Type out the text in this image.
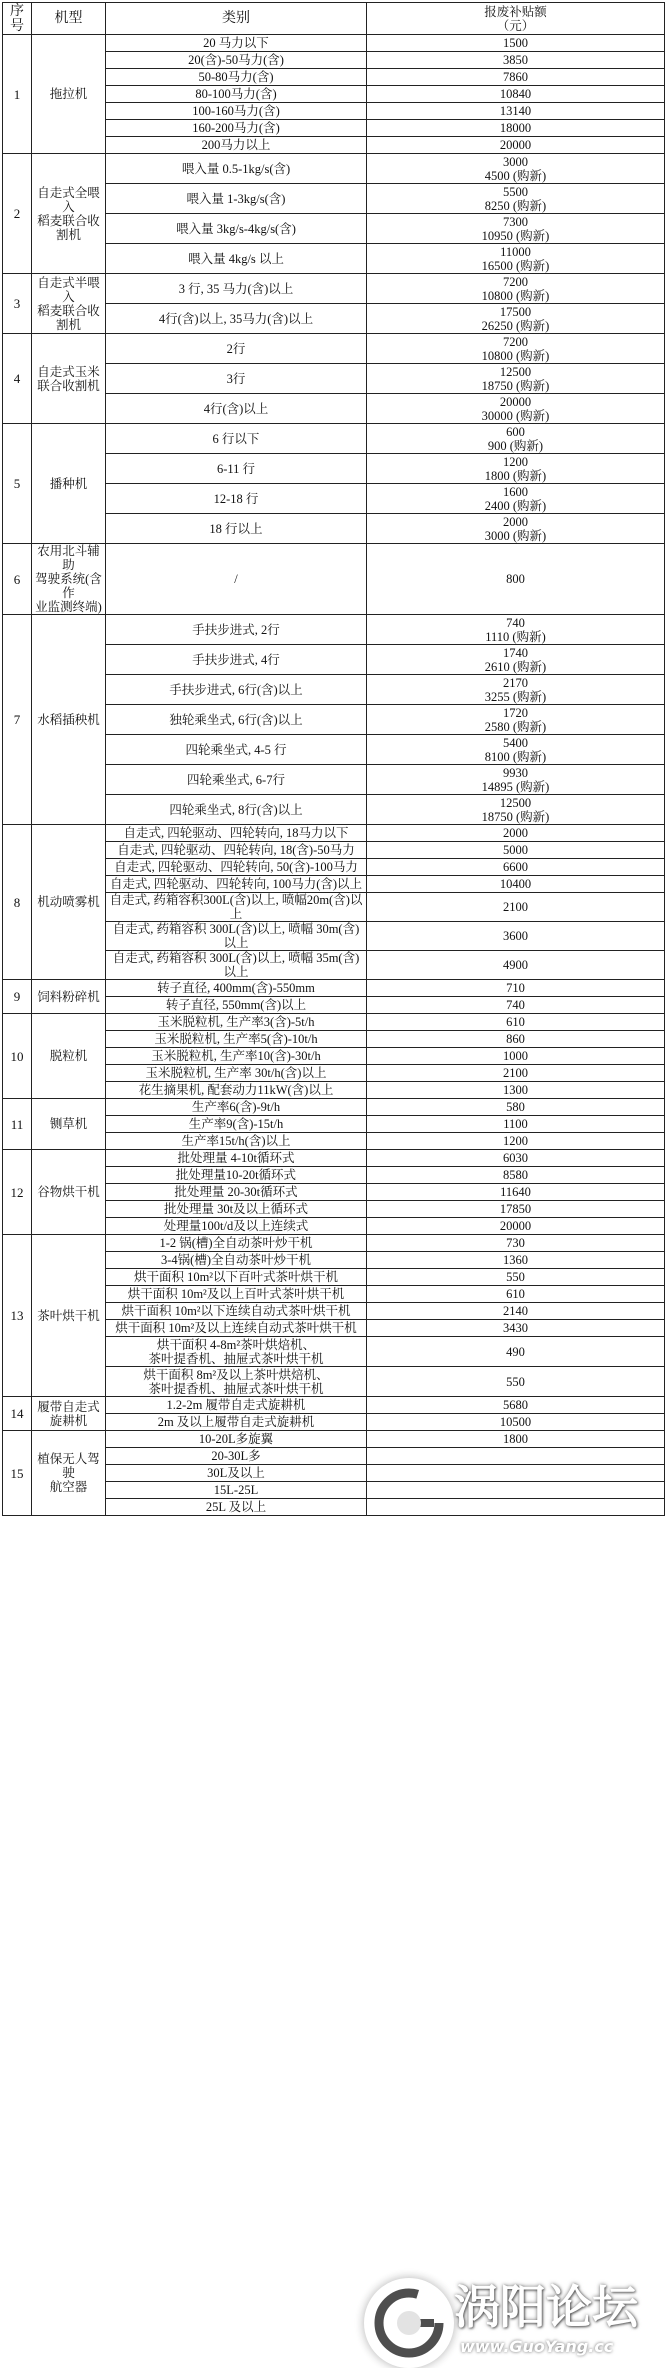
序号	机型	类别	报废补贴额
（元）
1	拖拉机	20 马力以下	1500
		20(含)-50马力(含)	3850
		50-80马力(含)	7860
		80-100马力(含)	10840
		100-160马力(含)	13140
		160-200马力(含)	18000
		200马力以上	20000
2	自走式全喂入
稻麦联合收割机	喂入量 0.5-1kg/s(含)	3000
4500 (购新)
		喂入量 1-3kg/s(含)	5500
8250 (购新)
		喂入量 3kg/s-4kg/s(含)	7300
10950 (购新)
		喂入量 4kg/s 以上	11000
16500 (购新)
3	自走式半喂入
稻麦联合收割机	3 行, 35 马力(含)以上	7200
10800 (购新)
		4行(含)以上, 35马力(含)以上	17500
26250 (购新)
4	自走式玉米
联合收割机	2行	7200
10800 (购新)
		3行	12500
18750 (购新)
		4行(含)以上	20000
30000 (购新)
5	播种机	6 行以下	600
900 (购新)
		6-11 行	1200
1800 (购新)
		12-18 行	1600
2400 (购新)
		18 行以上	2000
3000 (购新)
6	农用北斗辅助
驾驶系统(含作
业监测终端)	/	800
7	水稻插秧机	手扶步进式, 2行	740
1110 (购新)
		手扶步进式, 4行	1740
2610 (购新)
		手扶步进式, 6行(含)以上	2170
3255 (购新)
		独轮乘坐式, 6行(含)以上	1720
2580 (购新)
		四轮乘坐式, 4-5 行	5400
8100 (购新)
		四轮乘坐式, 6-7行	9930
14895 (购新)
		四轮乘坐式, 8行(含)以上	12500
18750 (购新)
8	机动喷雾机	自走式, 四轮驱动、四轮转向, 18马力以下	2000
		自走式, 四轮驱动、四轮转向, 18(含)-50马力	5000
		自走式, 四轮驱动、四轮转向, 50(含)-100马力	6600
		自走式, 四轮驱动、四轮转向, 100马力(含)以上	10400
		自走式, 药箱容积300L(含)以上, 喷幅20m(含)以上	2100
		自走式, 药箱容积 300L(含)以上, 喷幅 30m(含)以上	3600
		自走式, 药箱容积 300L(含)以上, 喷幅 35m(含)以上	4900
9	饲料粉碎机	转子直径, 400mm(含)-550mm	710
		转子直径, 550mm(含)以上	740
10	脱粒机	玉米脱粒机, 生产率3(含)-5t/h	610
		玉米脱粒机, 生产率5(含)-10t/h	860
		玉米脱粒机, 生产率10(含)-30t/h	1000
		玉米脱粒机, 生产率 30t/h(含)以上	2100
		花生摘果机, 配套动力11kW(含)以上	1300
11	铡草机	生产率6(含)-9t/h	580
		生产率9(含)-15t/h	1100
		生产率15t/h(含)以上	1200
12	谷物烘干机	批处理量 4-10t循环式	6030
		批处理量10-20t循环式	8580
		批处理量 20-30t循环式	11640
		批处理量 30t及以上循环式	17850
		处理量100t/d及以上连续式	20000
13	茶叶烘干机	1-2 锅(槽)全自动茶叶炒干机	730
		3-4锅(槽)全自动茶叶炒干机	1360
		烘干面积 10m²以下百叶式茶叶烘干机	550
		烘干面积 10m²及以上百叶式茶叶烘干机	610
		烘干面积 10m²以下连续自动式茶叶烘干机	2140
		烘干面积 10m²及以上连续自动式茶叶烘干机	3430
		烘干面积 4-8m²茶叶烘焙机、
茶叶提香机、抽屉式茶叶烘干机	490
		烘干面积 8m²及以上茶叶烘焙机、
茶叶提香机、抽屉式茶叶烘干机	550
14	履带自走式
旋耕机	1.2-2m 履带自走式旋耕机	5680
		2m 及以上履带自走式旋耕机	10500
15	植保无人驾驶
航空器	10-20L多旋翼	1800
		20-30L多	
		30L及以上	
		15L-25L	
		25L 及以上	
涡阳论坛
www.GuoYang.cc
